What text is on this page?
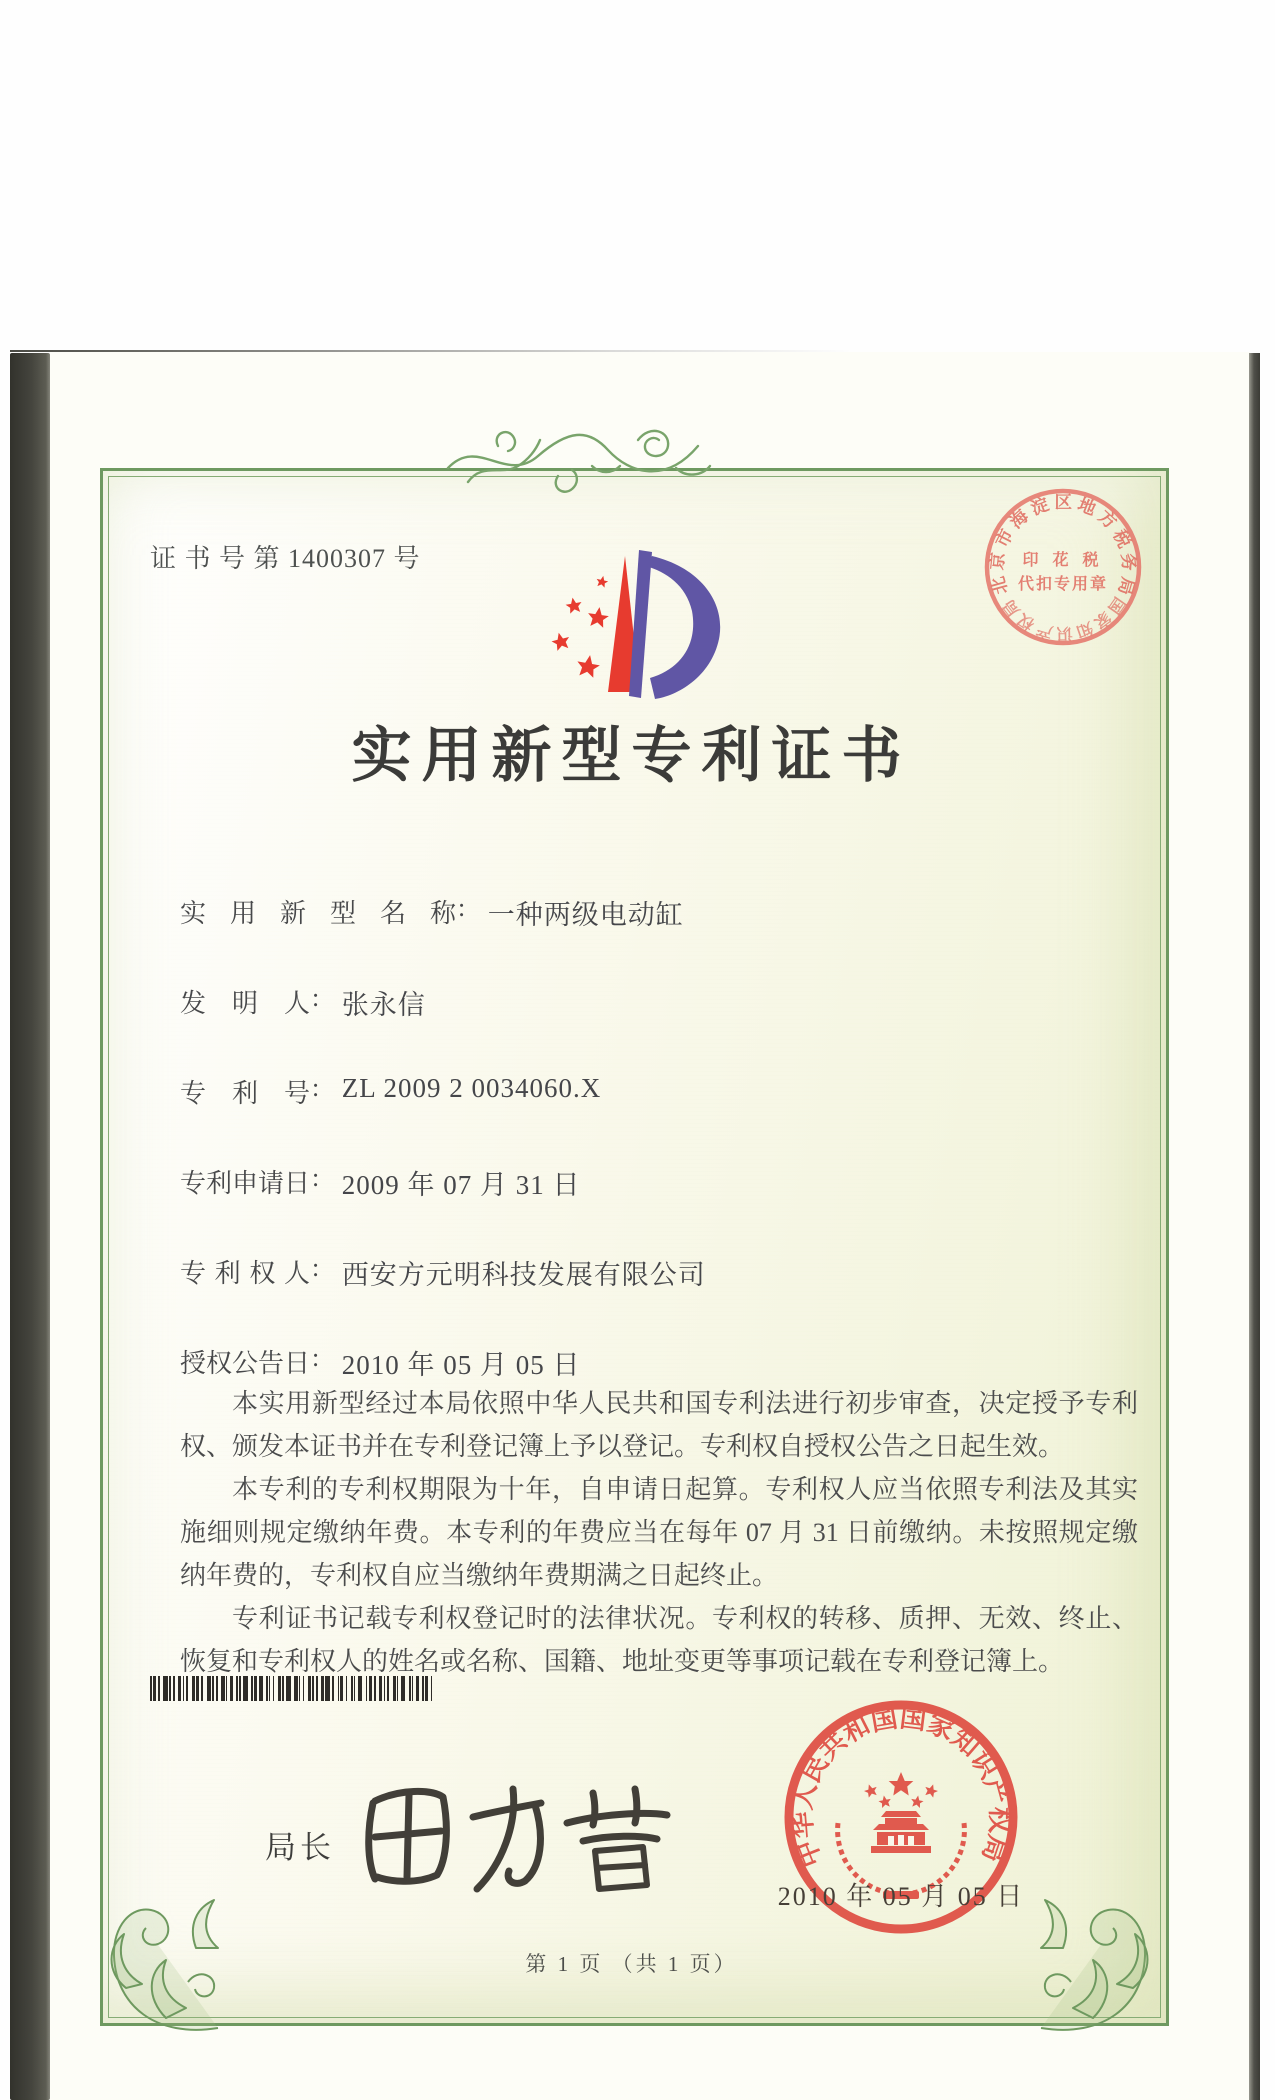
证 书 号 第 1400307 号
北京市海淀区地方税务局
国家知识产权局
印 花 税
代扣专用章
实用新型专利证书
实用新型名称: 一种两级电动缸
发明人: 张永信
专利号: ZL 2009 2 0034060.X
专利申请日: 2009 年 07 月 31 日
专利权人: 西安方元明科技发展有限公司
授权公告日: 2010 年 05 月 05 日

本实用新型经过本局依照中华人民共和国专利法进行初步审查，决定授予专利权、颁发本证书并在专利登记簿上予以登记。专利权自授权公告之日起生效。

本专利的专利权期限为十年，自申请日起算。专利权人应当依照专利法及其实施细则规定缴纳年费。本专利的年费应当在每年 07 月 31 日前缴纳。未按照规定缴纳年费的，专利权自应当缴纳年费期满之日起终止。

专利证书记载专利权登记时的法律状况。专利权的转移、质押、无效、终止、恢复和专利权人的姓名或名称、国籍、地址变更等事项记载在专利登记簿上。

局长	中华人民共和国国家知识产权局
2010 年 05 月 05 日
第 1 页 （共 1 页）
